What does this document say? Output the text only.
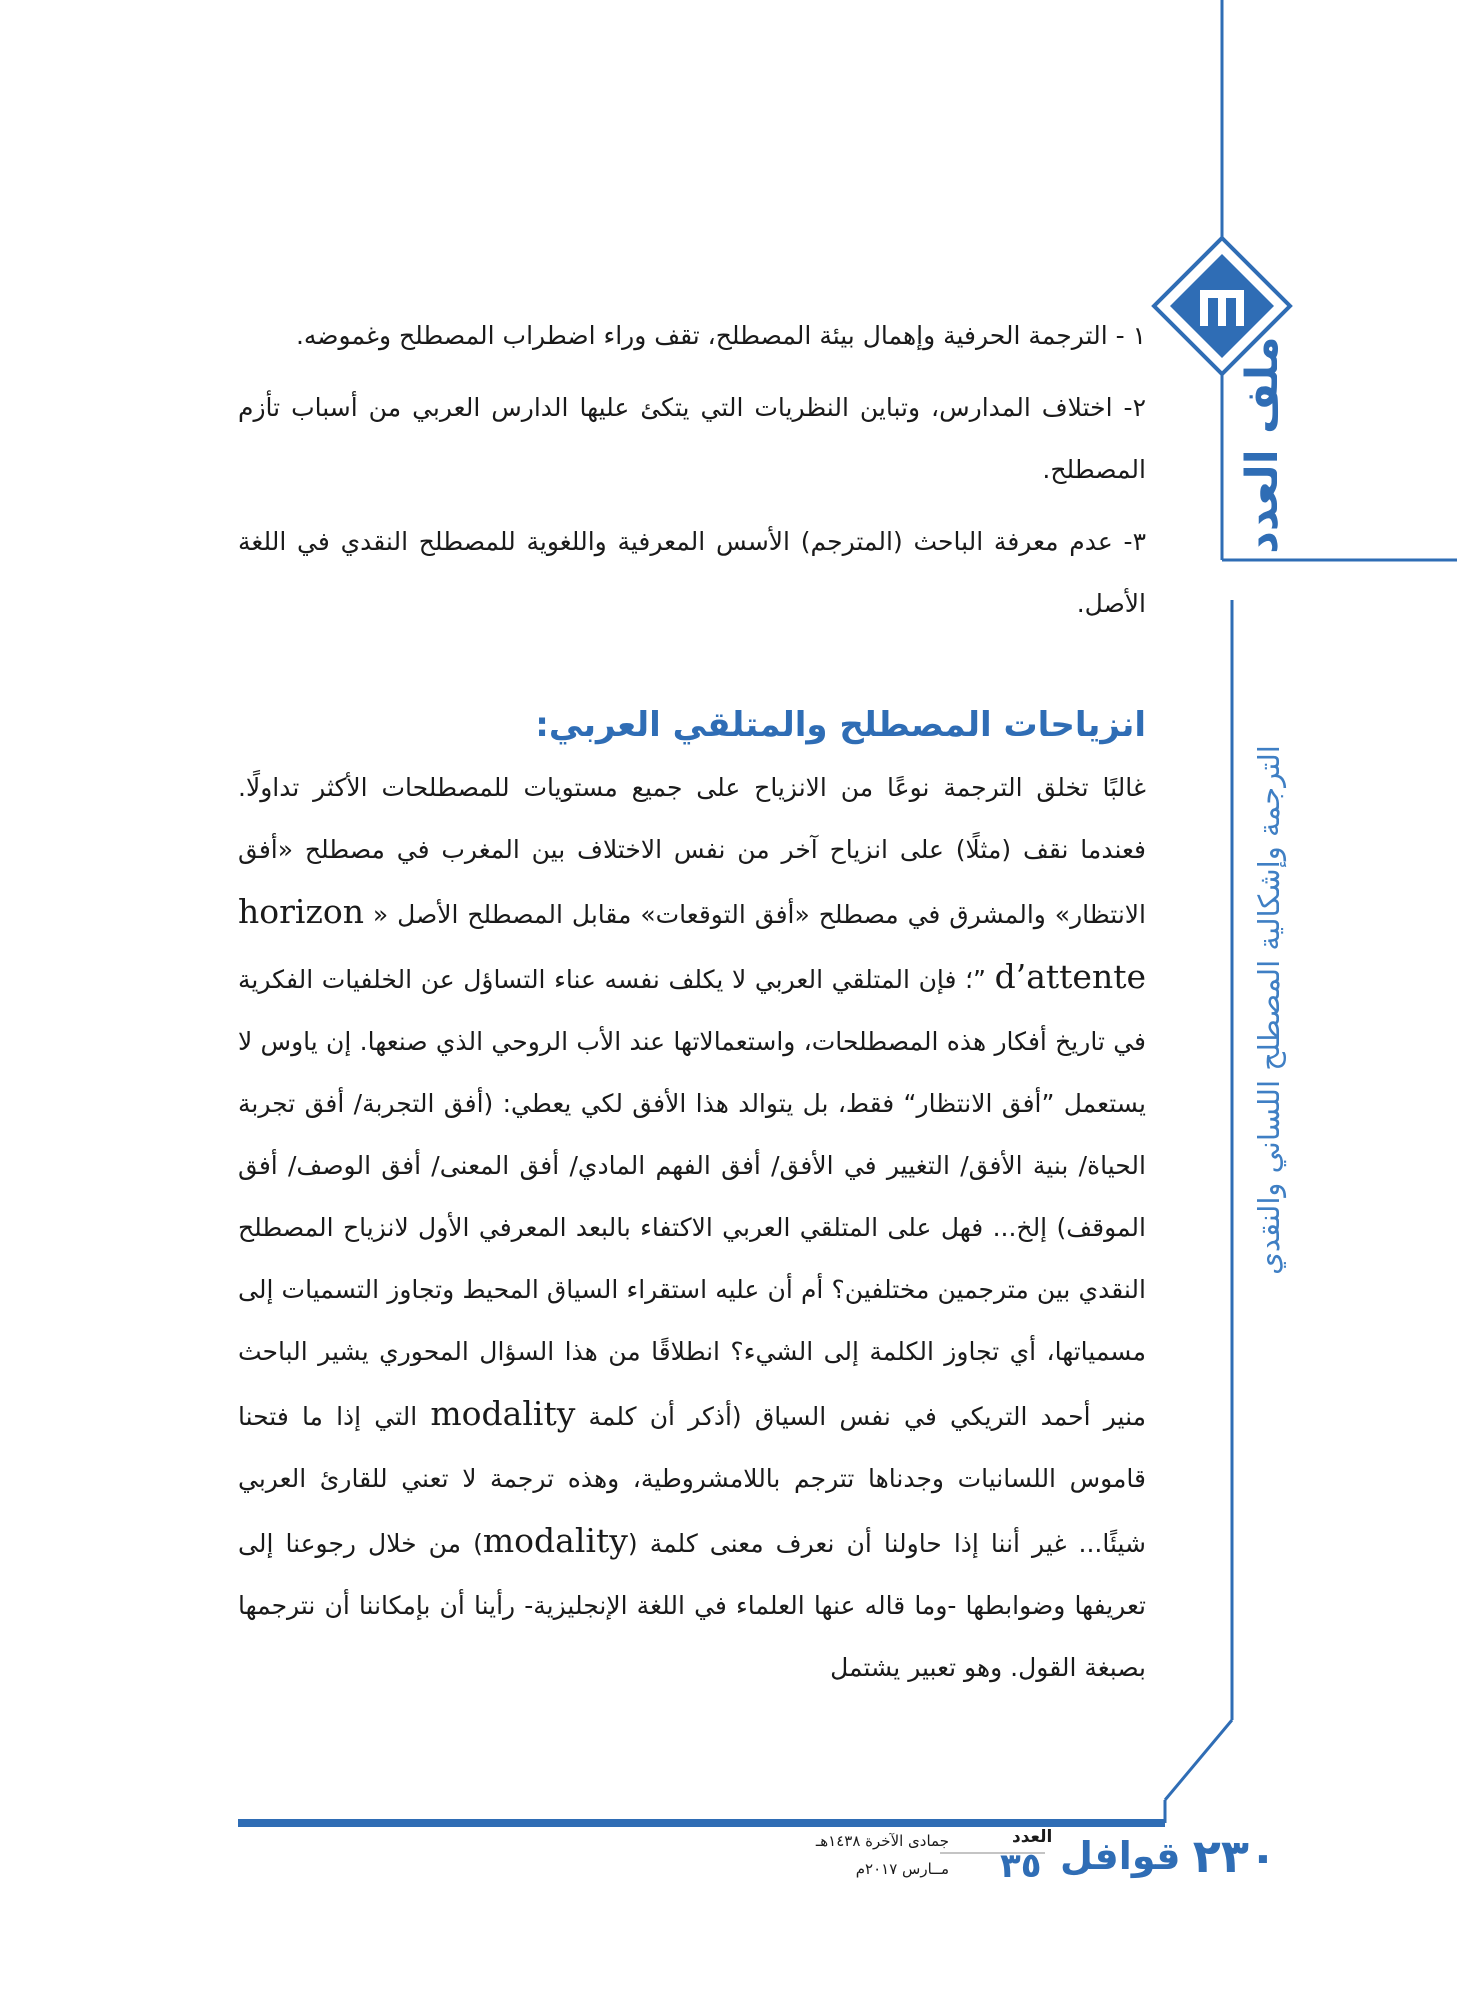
ملف العدد
الترجمة وإشكالية المصطلح اللساني والنقدي

١ - الترجمة الحرفية وإهمال بيئة المصطلح، تقف وراء اضطراب المصطلح وغموضه.

٢- اختلاف المدارس، وتباين النظريات التي يتكئ عليها الدارس العربي من أسباب تأزم المصطلح.

٣- عدم معرفة الباحث (المترجم) الأسس المعرفية واللغوية للمصطلح النقدي في اللغة الأصل.

انزياحات المصطلح والمتلقي العربي:

غالبًا تخلق الترجمة نوعًا من الانزياح على جميع مستويات للمصطلحات الأكثر تداولًا. فعندما نقف (مثلًا) على انزياح آخر من نفس الاختلاف بين المغرب في مصطلح «أفق الانتظار» والمشرق في مصطلح «أفق التوقعات» مقابل المصطلح الأصل « horizon d’attente ”؛ فإن المتلقي العربي لا يكلف نفسه عناء التساؤل عن الخلفيات الفكرية في تاريخ أفكار هذه المصطلحات، واستعمالاتها عند الأب الروحي الذي صنعها. إن ياوس لا يستعمل ”أفق الانتظار“ فقط، بل يتوالد هذا الأفق لكي يعطي: (أفق التجربة/ أفق تجربة الحياة/ بنية الأفق/ التغيير في الأفق/ أفق الفهم المادي/ أفق المعنى/ أفق الوصف/ أفق الموقف) إلخ... فهل على المتلقي العربي الاكتفاء بالبعد المعرفي الأول لانزياح المصطلح النقدي بين مترجمين مختلفين؟ أم أن عليه استقراء السياق المحيط وتجاوز التسميات إلى مسمياتها، أي تجاوز الكلمة إلى الشيء؟ انطلاقًا من هذا السؤال المحوري يشير الباحث منير أحمد التريكي في نفس السياق (أذكر أن كلمة modality التي إذا ما فتحنا قاموس اللسانيات وجدناها تترجم باللامشروطية، وهذه ترجمة لا تعني للقارئ العربي شيئًا... غير أننا إذا حاولنا أن نعرف معنى كلمة (modality) من خلال رجوعنا إلى تعريفها وضوابطها -وما قاله عنها العلماء في اللغة الإنجليزية- رأينا أن بإمكاننا أن نترجمها بصبغة القول. وهو تعبير يشتمل

٢٣٠
قوافل
العدد
٣٥
جمادى الآخرة ١٤٣٨هـ
مــارس ٢٠١٧م
